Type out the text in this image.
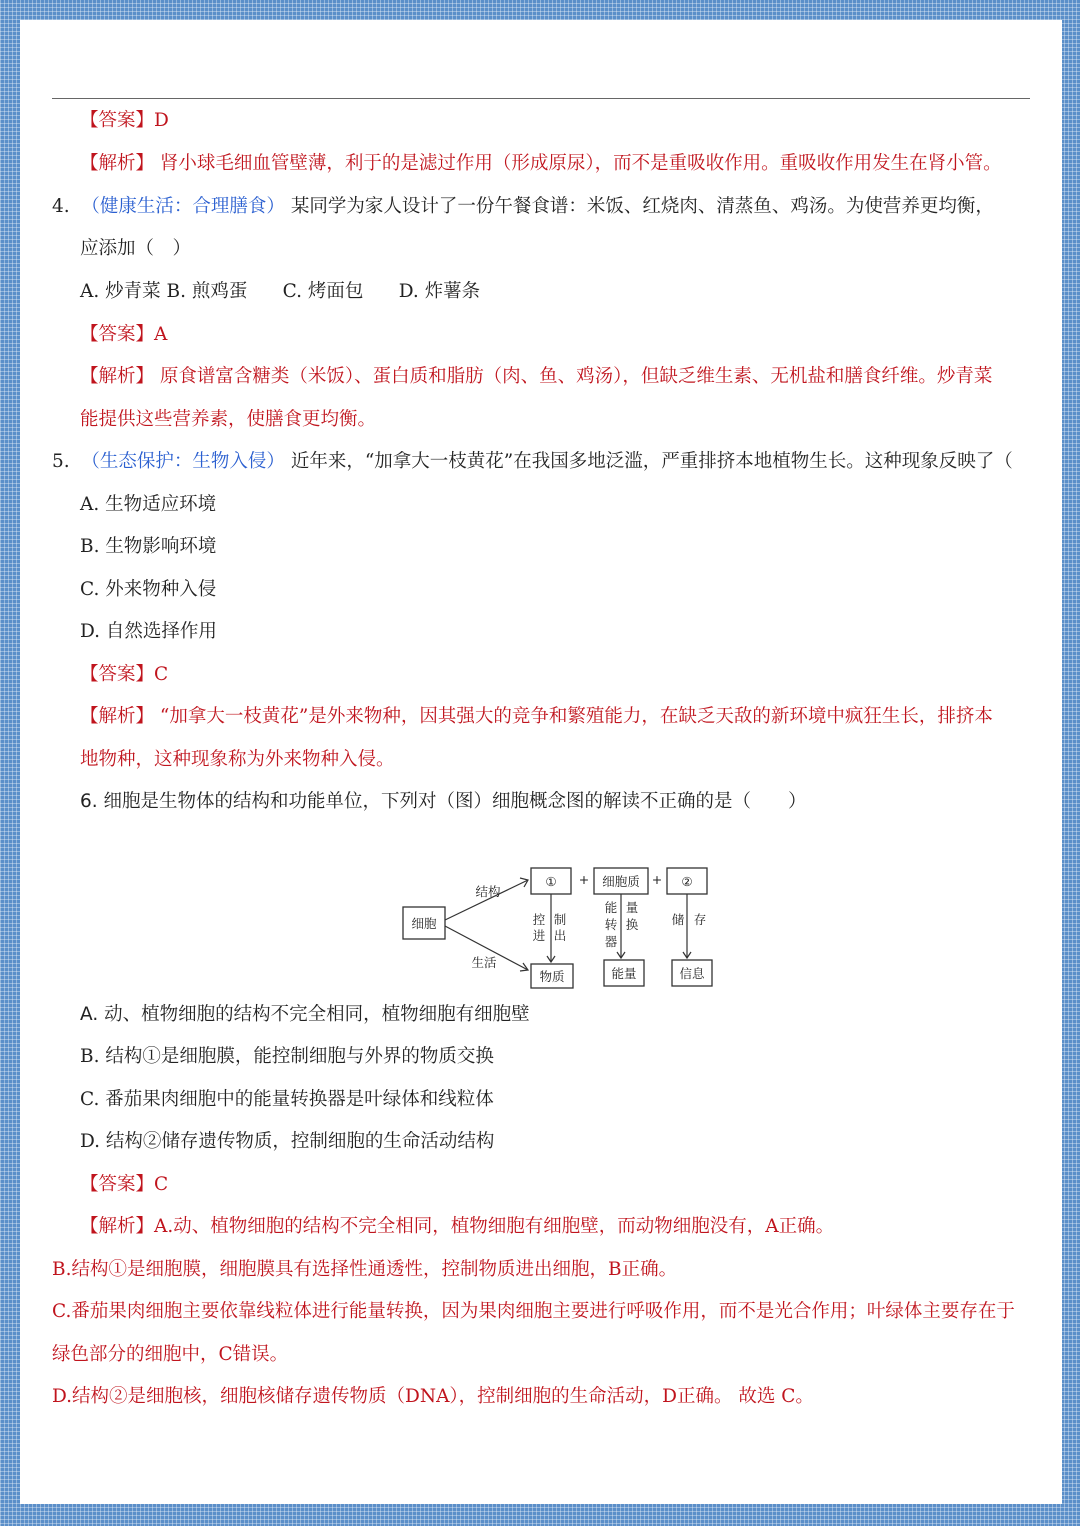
【答案】D
【解析】 肾小球毛细血管壁薄，利于的是滤过作用（形成原尿），而不是重吸收作用。重吸收作用发生在肾小管。
4. （健康生活：合理膳食） 某同学为家人设计了一份午餐食谱：米饭、红烧肉、清蒸鱼、鸡汤。为使营养更均衡，
应添加（　）
A. 炒青菜 B. 煎鸡蛋 C. 烤面包 D. 炸薯条
【答案】A
【解析】 原食谱富含糖类（米饭）、蛋白质和脂肪（肉、鱼、鸡汤），但缺乏维生素、无机盐和膳食纤维。炒青菜
能提供这些营养素，使膳食更均衡。
5. （生态保护：生物入侵） 近年来，“加拿大一枝黄花”在我国多地泛滥，严重排挤本地植物生长。这种现象反映了（
A. 生物适应环境
B. 生物影响环境
C. 外来物种入侵
D. 自然选择作用
【答案】C
【解析】 “加拿大一枝黄花”是外来物种，因其强大的竞争和繁殖能力，在缺乏天敌的新环境中疯狂生长，排挤本
地物种，这种现象称为外来物种入侵。
6. 细胞是生物体的结构和功能单位，下列对（图）细胞概念图的解读不正确的是（　　）
细胞
结构
生活
① + 细胞质 + ②
控 制
进 出
能 量
转 换
器
储 存
物质	能量	信息
A. 动、植物细胞的结构不完全相同，植物细胞有细胞壁
B. 结构①是细胞膜，能控制细胞与外界的物质交换
C. 番茄果肉细胞中的能量转换器是叶绿体和线粒体
D. 结构②储存遗传物质，控制细胞的生命活动结构
【答案】C
【解析】A.动、植物细胞的结构不完全相同，植物细胞有细胞壁，而动物细胞没有，A正确。
B.结构①是细胞膜，细胞膜具有选择性通透性，控制物质进出细胞，B正确。
C.番茄果肉细胞主要依靠线粒体进行能量转换，因为果肉细胞主要进行呼吸作用，而不是光合作用；叶绿体主要存在于
绿色部分的细胞中，C错误。
D.结构②是细胞核，细胞核储存遗传物质（DNA），控制细胞的生命活动，D正确。 故选 C。
